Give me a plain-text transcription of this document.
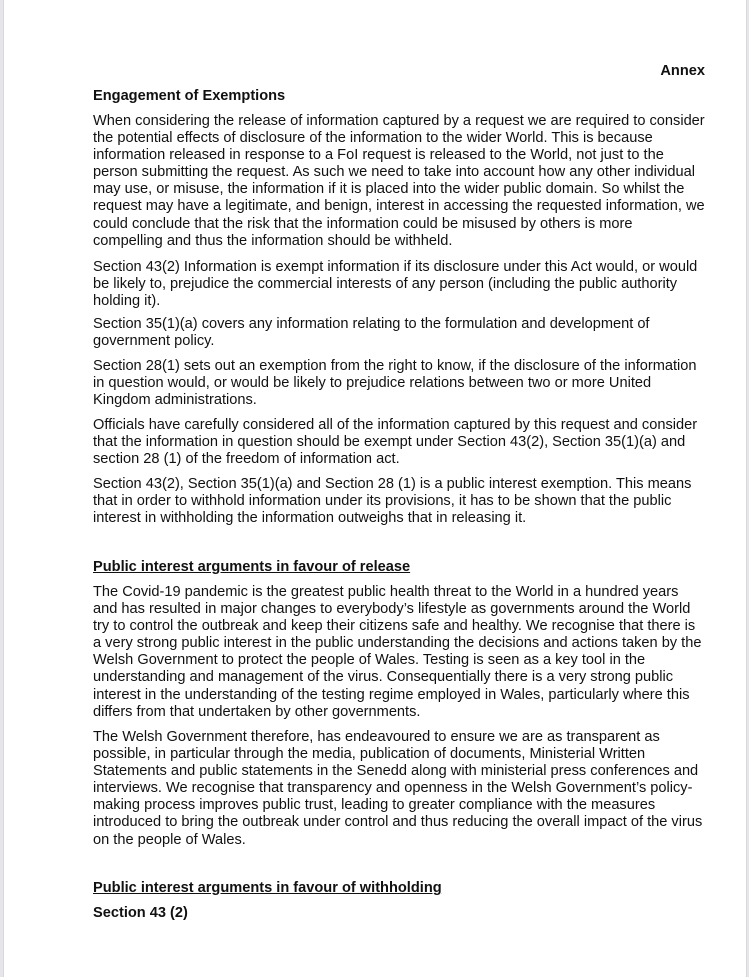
Annex

Engagement of Exemptions

When considering the release of information captured by a request we are required to consider the potential effects of disclosure of the information to the wider World. This is because information released in response to a FoI request is released to the World, not just to the person submitting the request. As such we need to take into account how any other individual may use, or misuse, the information if it is placed into the wider public domain. So whilst the request may have a legitimate, and benign, interest in accessing the requested information, we could conclude that the risk that the information could be misused by others is more compelling and thus the information should be withheld.

Section 43(2) Information is exempt information if its disclosure under this Act would, or would be likely to, prejudice the commercial interests of any person (including the public authority holding it).

Section 35(1)(a) covers any information relating to the formulation and development of government policy.

Section 28(1) sets out an exemption from the right to know, if the disclosure of the information in question would, or would be likely to prejudice relations between two or more United Kingdom administrations.

Officials have carefully considered all of the information captured by this request and consider that the information in question should be exempt under Section 43(2), Section 35(1)(a) and section 28 (1) of the freedom of information act.

Section 43(2), Section 35(1)(a) and Section 28 (1) is a public interest exemption. This means that in order to withhold information under its provisions, it has to be shown that the public interest in withholding the information outweighs that in releasing it.

Public interest arguments in favour of release

The Covid-19 pandemic is the greatest public health threat to the World in a hundred years and has resulted in major changes to everybody’s lifestyle as governments around the World try to control the outbreak and keep their citizens safe and healthy. We recognise that there is a very strong public interest in the public understanding the decisions and actions taken by the Welsh Government to protect the people of Wales. Testing is seen as a key tool in the understanding and management of the virus. Consequentially there is a very strong public interest in the understanding of the testing regime employed in Wales, particularly where this differs from that undertaken by other governments.

The Welsh Government therefore, has endeavoured to ensure we are as transparent as possible, in particular through the media, publication of documents, Ministerial Written Statements and public statements in the Senedd along with ministerial press conferences and interviews. We recognise that transparency and openness in the Welsh Government’s policy-making process improves public trust, leading to greater compliance with the measures introduced to bring the outbreak under control and thus reducing the overall impact of the virus on the people of Wales.

Public interest arguments in favour of withholding

Section 43 (2)
